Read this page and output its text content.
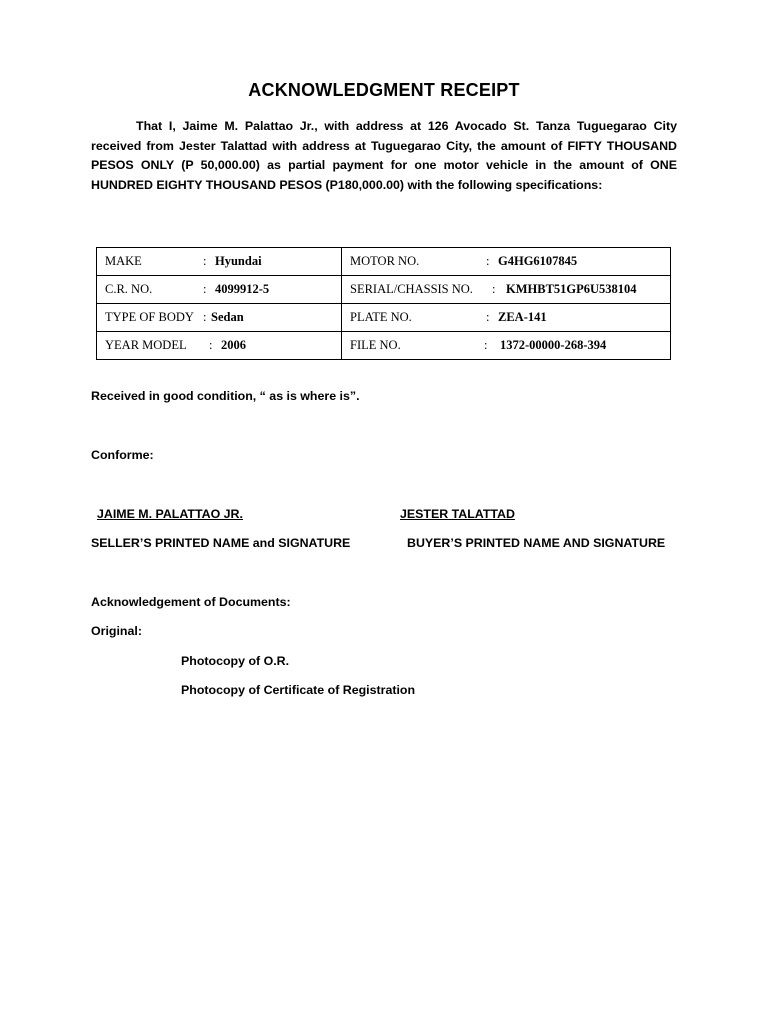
ACKNOWLEDGMENT RECEIPT
That I, Jaime M. Palattao Jr., with address at 126 Avocado St. Tanza Tuguegarao City received from Jester Talattad with address at Tuguegarao City, the amount of FIFTY THOUSAND PESOS ONLY (P 50,000.00) as partial payment for one motor vehicle in the amount of ONE HUNDRED EIGHTY THOUSAND PESOS (P180,000.00) with the following specifications:
MAKE : Hyundai	MOTOR NO. : G4HG6107845
C.R. NO. : 4099912-5	SERIAL/CHASSIS NO. : KMHBT51GP6U538104
TYPE OF BODY : Sedan	PLATE NO. : ZEA-141
YEAR MODEL : 2006	FILE NO. : 1372-00000-268-394
Received in good condition, “ as is where is”.
Conforme:
JAIME M. PALATTAO JR.	JESTER TALATTAD
SELLER’S PRINTED NAME and SIGNATURE	BUYER’S PRINTED NAME AND SIGNATURE
Acknowledgement of Documents:
Original:
Photocopy of O.R.
Photocopy of Certificate of Registration
